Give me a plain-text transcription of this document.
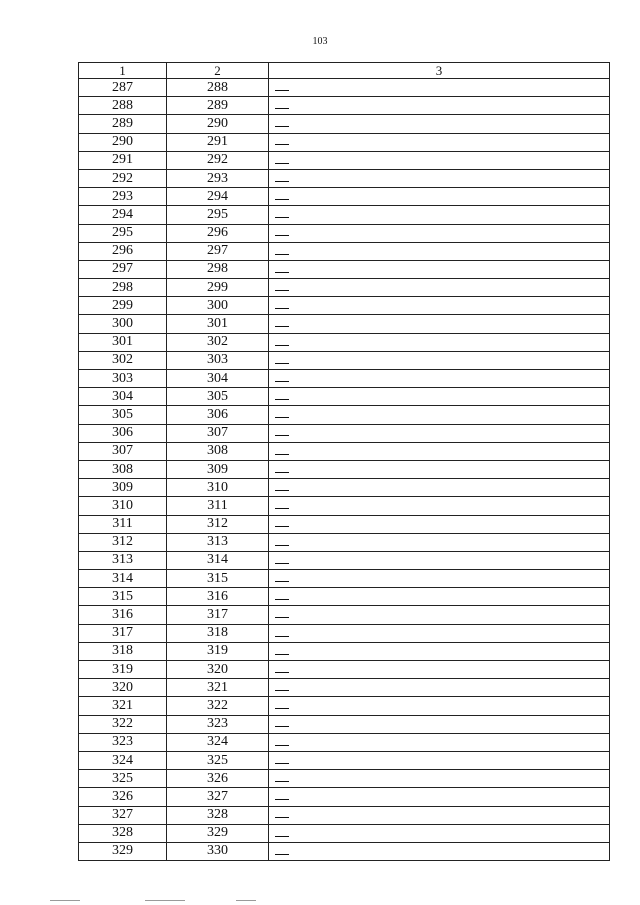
103
1	2	3
287	288	
288	289	
289	290	
290	291	
291	292	
292	293	
293	294	
294	295	
295	296	
296	297	
297	298	
298	299	
299	300	
300	301	
301	302	
302	303	
303	304	
304	305	
305	306	
306	307	
307	308	
308	309	
309	310	
310	311	
311	312	
312	313	
313	314	
314	315	
315	316	
316	317	
317	318	
318	319	
319	320	
320	321	
321	322	
322	323	
323	324	
324	325	
325	326	
326	327	
327	328	
328	329	
329	330	
